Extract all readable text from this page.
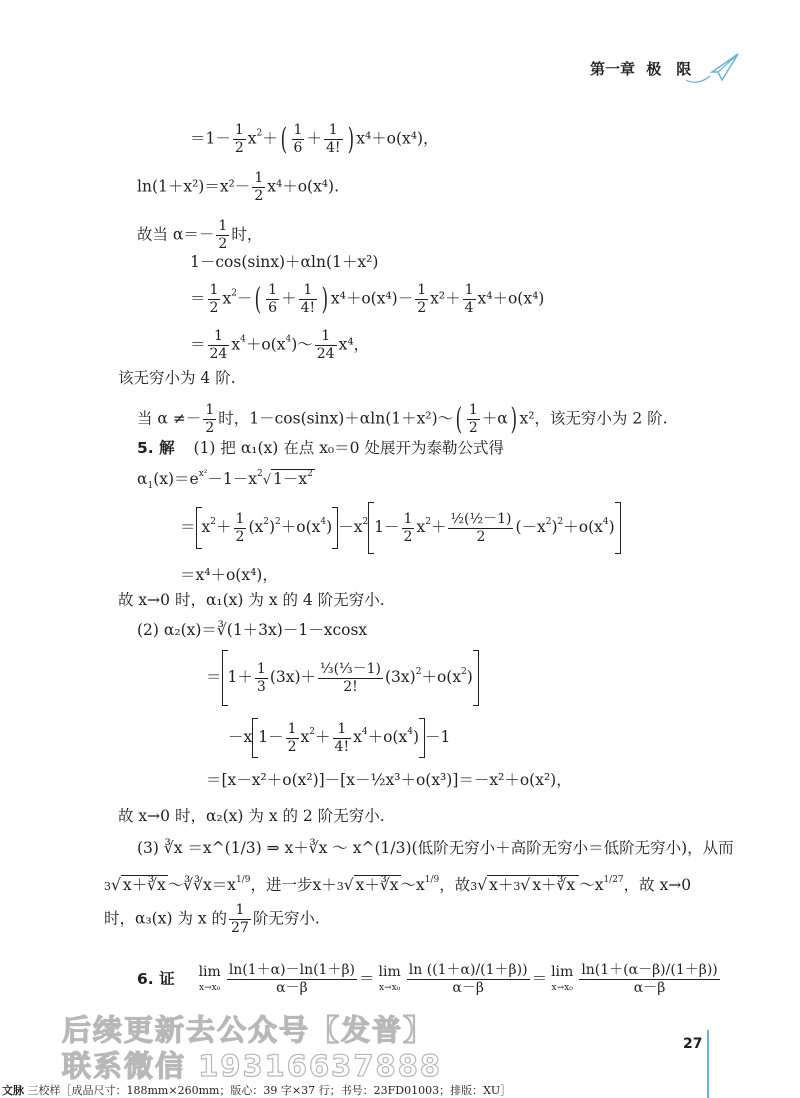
第一章 极　限
$=1- \frac{1}{2} x^2+( \frac{1}{6} + \frac{1}{4!}$ ) x⁴＋o(x⁴)，
$\ln(1+x^2)=x^2- \frac{1}{2} x^4+o(x^4)$.
故当 $\alpha=- \frac{1}{2}$ 时，
1－cos(sinx)＋αln(1＋x²)
＝ $\frac{1}{2} x^2-( \frac{1}{6} + \frac{1}{4!}$ ) $x^4+o(x^4)- \frac{1}{2} x^2+ \frac{1}{4} x^4+o(x^4)$
＝ $\frac{1}{24}$ $x^4+o(x^4)\sim \frac{1}{24} x^4$，
该无穷小为 4 阶.
当 $\alpha \ne- \frac{1}{2}$ 时，1－cos(sinx)＋αln(1＋x²)～( $\frac{1}{2} +\alpha$) x²，该无穷小为 2 阶.
5. 解 (1) 把 α₁(x) 在点 x₀＝0 处展开为泰勒公式得
$\alpha_1(x)=e^{x^2}-1-x^2√$ $1-x^2$
＝ $x^2+ \frac{1}{2} (x^2)^2+o(x^4) -x^2$ $1- \frac{1}{2} x^2+ \frac{\text{½(½－1)}}{2} (-x^2)^2+o(x^4)$
＝x⁴＋o(x⁴)，
故 x→0 时，α₁(x) 为 x 的 4 阶无穷小.
(2) α₂(x)＝∛(1＋3x)－1－xcosx
＝ $1+ \frac{1}{3} (3x)+ \frac{\text{⅓(⅓－1)}}{2!} (3x)^2+o(x^2)$
－x $1- \frac{1}{2} x^2+ \frac{1}{4!} x^4+o(x^4) -1$
＝[x－x²＋o(x²)]－[x－½x³＋o(x³)]＝－x²＋o(x²)，
故 x→0 时，α₂(x) 为 x 的 2 阶无穷小.
(3) ∛x ＝x^(1/3) ⇒ x＋∛x ～ x^(1/3)(低阶无穷小＋高阶无穷小＝低阶无穷小)，从而
3√ x＋∛x $\sim∛∛x=x^{1/9}$，进一步x＋3√ x＋∛x $\sim x^{1/9}$，故3√ x＋3√ x＋∛x $\sim x^{1/27}$，故 x→0
时，α₃(x) 为 x 的 $\frac{1}{27}$ 阶无穷小.
6. 证 lim
$x\to x_0 \frac{\ln(1+\alpha)-\ln(1+\beta)}{\alpha-\beta} = \lim$
$x\to x_0 \frac{\ln ((1+\alpha)/(1+\beta))}{\alpha-\beta} = \lim$
$x\to x_0 \frac{\ln(1+(\alpha-\beta)/(1+\beta))}{\alpha-\beta}$
后续更新去公众号【发普】
联系微信 19316637888
27
文脉 三校样［成品尺寸：188mm×260mm；版心：39 字×37 行；书号：23FD01003；排版：XU］
